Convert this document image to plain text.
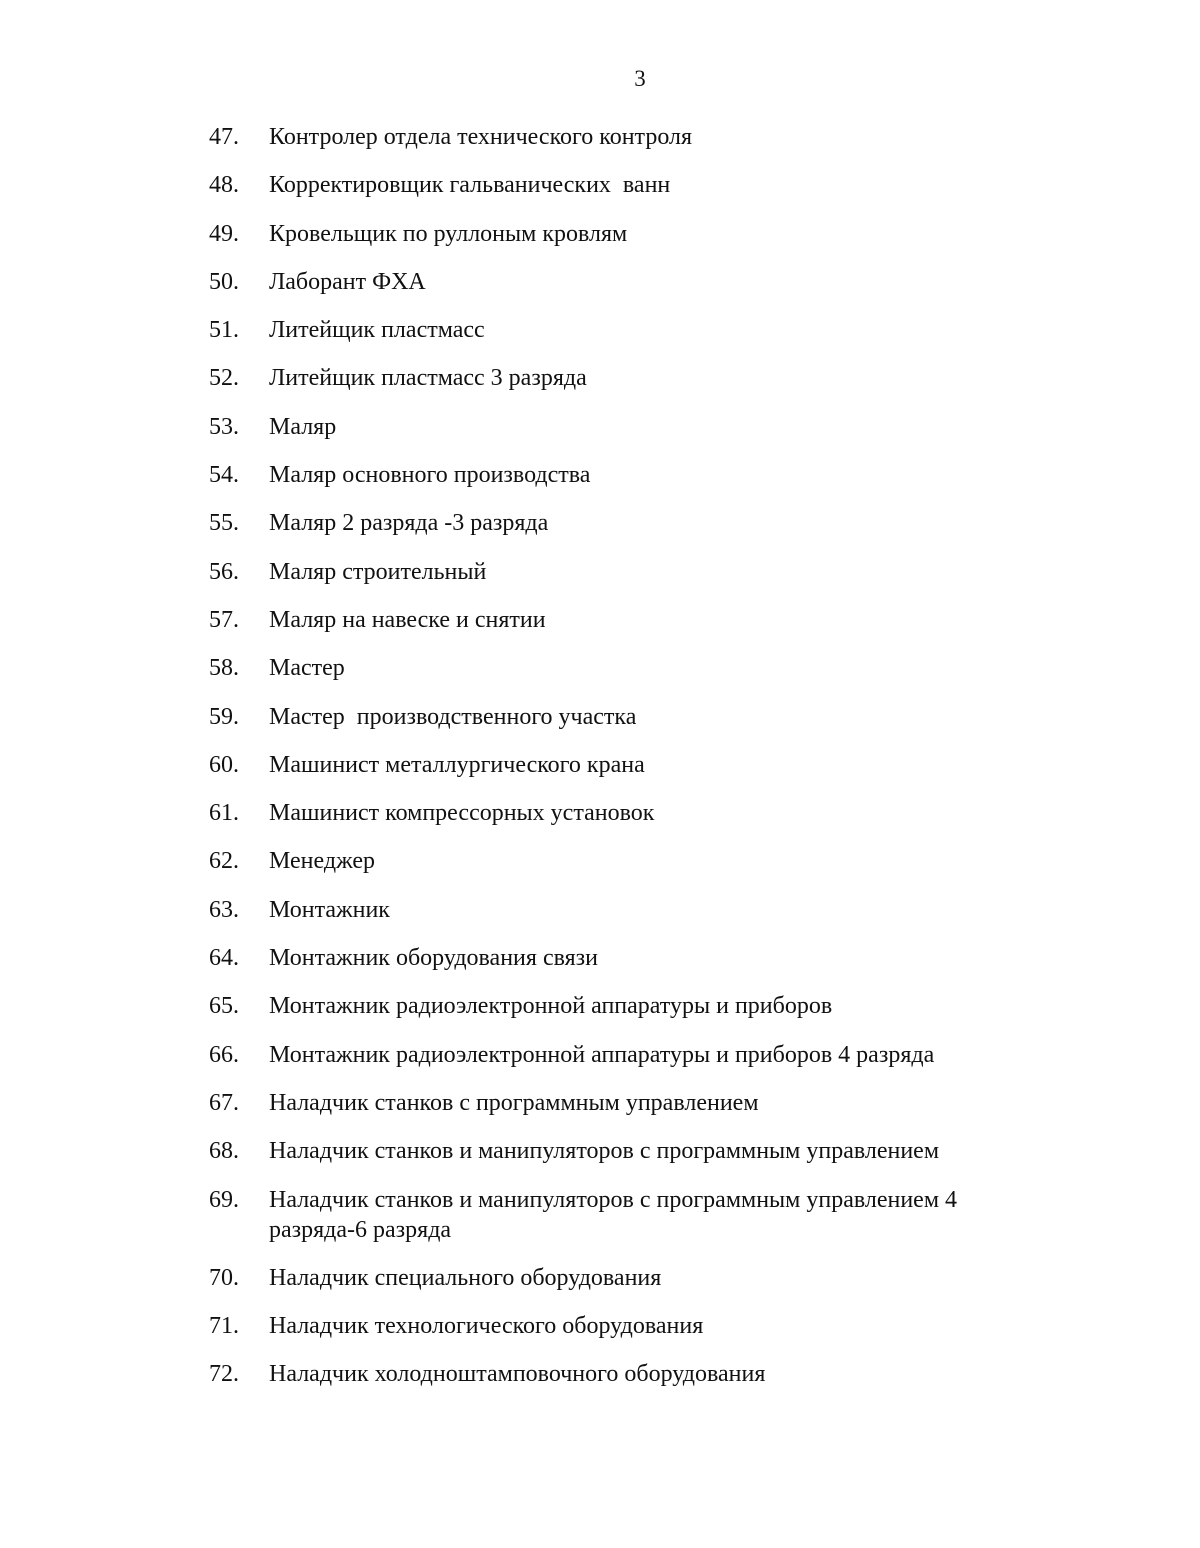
3
47.	Контролер отдела технического контроля
48.	Корректировщик гальванических  ванн
49.	Кровельщик по руллоным кровлям
50.	Лаборант ФХА
51.	Литейщик пластмасс
52.	Литейщик пластмасс 3 разряда
53.	Маляр
54.	Маляр основного производства
55.	Маляр 2 разряда -3 разряда
56.	Маляр строительный
57.	Маляр на навеске и снятии
58.	Мастер
59.	Мастер  производственного участка
60.	Машинист металлургического крана
61.	Машинист компрессорных установок
62.	Менеджер
63.	Монтажник
64.	Монтажник оборудования связи
65.	Монтажник радиоэлектронной аппаратуры и приборов
66.	Монтажник радиоэлектронной аппаратуры и приборов 4 разряда
67.	Наладчик станков с программным управлением
68.	Наладчик станков и манипуляторов с программным управлением
69.	Наладчик станков и манипуляторов с программным управлением 4 разряда-6 разряда
70.	Наладчик специального оборудования
71.	Наладчик технологического оборудования
72.	Наладчик холодноштамповочного оборудования
